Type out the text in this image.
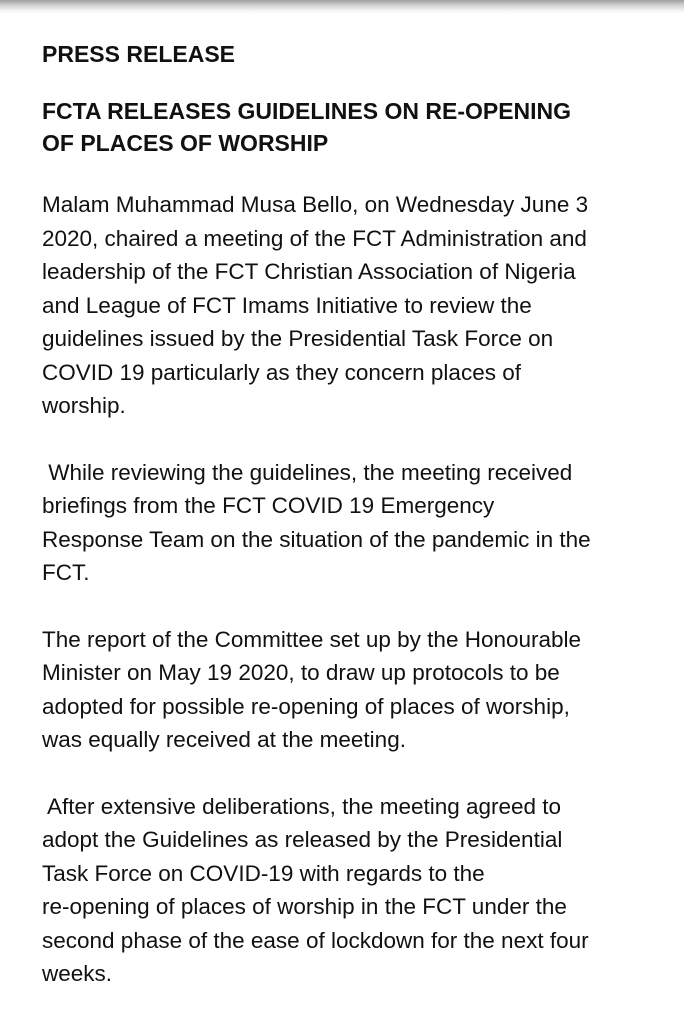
PRESS RELEASE

FCTA RELEASES GUIDELINES ON RE-OPENING
OF PLACES OF WORSHIP
Malam Muhammad Musa Bello, on Wednesday June 3
2020, chaired a meeting of the FCT Administration and
leadership of the FCT Christian Association of Nigeria
and League of FCT Imams Initiative to review the
guidelines issued by the Presidential Task Force on
COVID 19 particularly as they concern places of
worship.
While reviewing the guidelines, the meeting received
briefings from the FCT COVID 19 Emergency
Response Team on the situation of the pandemic in the
FCT.
The report of the Committee set up by the Honourable
Minister on May 19 2020, to draw up protocols to be
adopted for possible re-opening of places of worship,
was equally received at the meeting.
After extensive deliberations, the meeting agreed to
adopt the Guidelines as released by the Presidential
Task Force on COVID-19 with regards to the
re-opening of places of worship in the FCT under the
second phase of the ease of lockdown for the next four
weeks.
